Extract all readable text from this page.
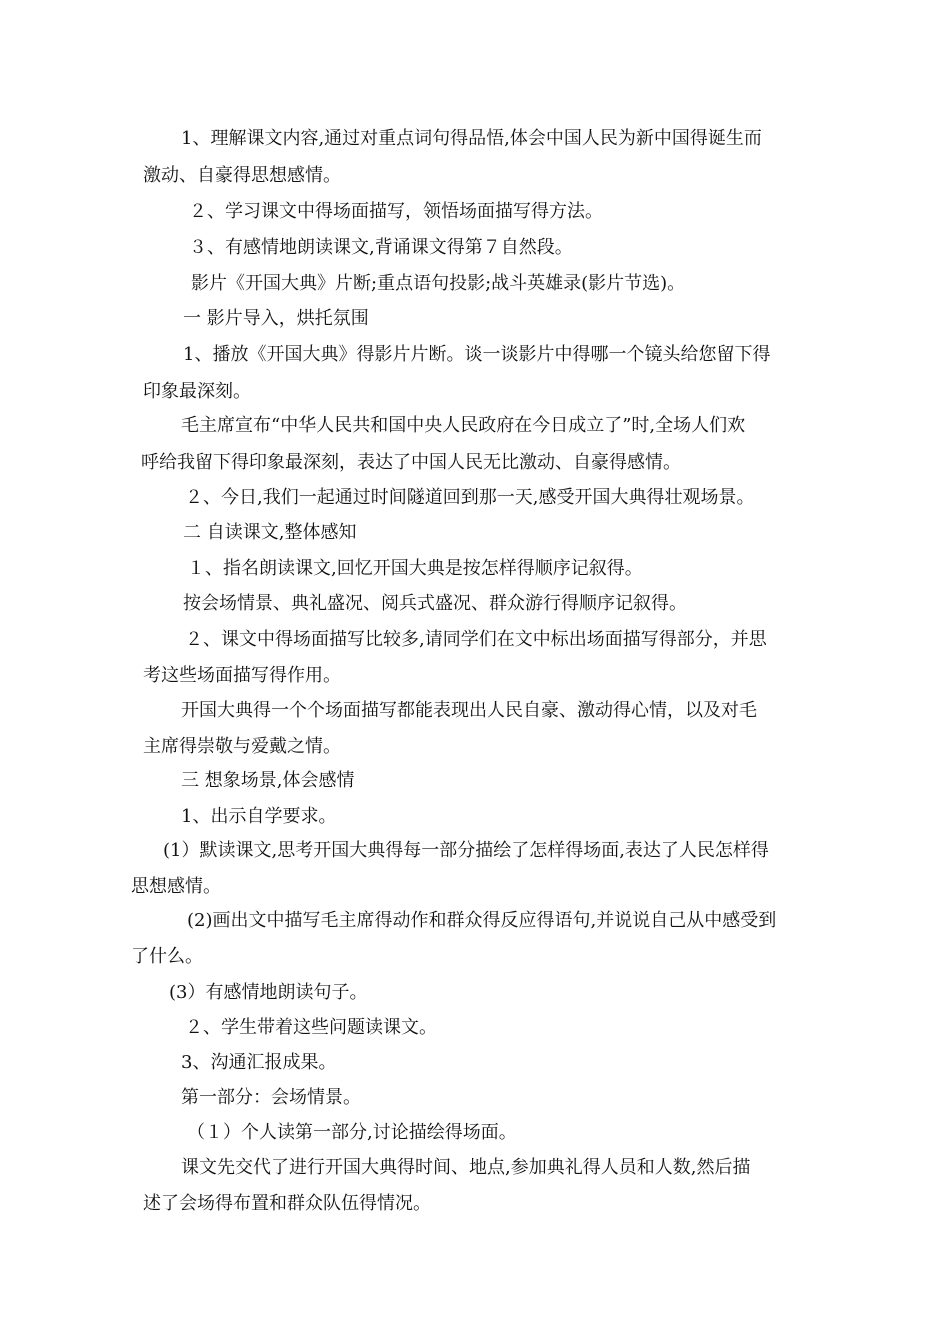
1、理解课文内容,通过对重点词句得品悟,体会中国人民为新中国得诞生而
激动、自豪得思想感情。
２、学习课文中得场面描写，领悟场面描写得方法。
３、有感情地朗读课文,背诵课文得第７自然段。
影片《开国大典》片断;重点语句投影;战斗英雄录(影片节选)。
一 影片导入，烘托氛围
1、播放《开国大典》得影片片断。谈一谈影片中得哪一个镜头给您留下得
印象最深刻。
毛主席宣布“中华人民共和国中央人民政府在今日成立了”时,全场人们欢
呼给我留下得印象最深刻，表达了中国人民无比激动、自豪得感情。
２、今日,我们一起通过时间隧道回到那一天,感受开国大典得壮观场景。
二 自读课文,整体感知
１、指名朗读课文,回忆开国大典是按怎样得顺序记叙得。
按会场情景、典礼盛况、阅兵式盛况、群众游行得顺序记叙得。
２、课文中得场面描写比较多,请同学们在文中标出场面描写得部分，并思
考这些场面描写得作用。
开国大典得一个个场面描写都能表现出人民自豪、激动得心情，以及对毛
主席得崇敬与爱戴之情。
三 想象场景,体会感情
1、出示自学要求。
(1）默读课文,思考开国大典得每一部分描绘了怎样得场面,表达了人民怎样得
思想感情。
(2)画出文中描写毛主席得动作和群众得反应得语句,并说说自己从中感受到
了什么。
(3）有感情地朗读句子。
２、学生带着这些问题读课文。
3、沟通汇报成果。
第一部分：会场情景。
（１）个人读第一部分,讨论描绘得场面。
课文先交代了进行开国大典得时间、地点,参加典礼得人员和人数,然后描
述了会场得布置和群众队伍得情况。
